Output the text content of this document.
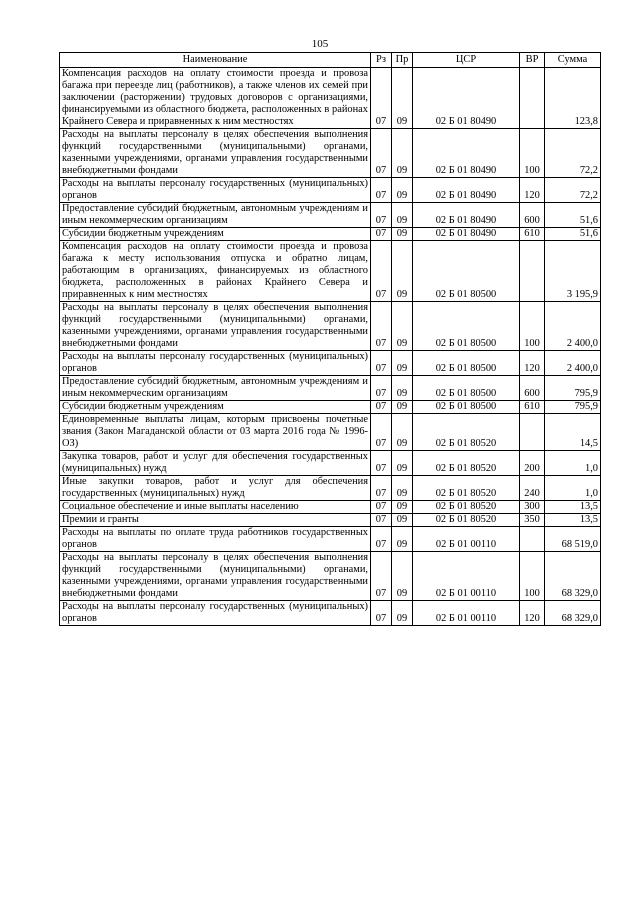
105
Наименование	Рз	Пр	ЦСР	ВР	Сумма
Компенсация расходов на оплату стоимости проезда и провоза багажа при переезде лиц (работников), а также членов их семей при заключении (расторжении) трудовых договоров с организациями, финансируемыми из областного бюджета, расположенных в районах Крайнего Севера и приравненных к ним местностях	07	09	02 Б 01 80490		123,8
Расходы на выплаты персоналу в целях обеспечения выполнения функций государственными (муниципальными) органами, казенными учреждениями, органами управления государственными внебюджетными фондами	07	09	02 Б 01 80490	100	72,2
Расходы на выплаты персоналу государственных (муниципальных) органов	07	09	02 Б 01 80490	120	72,2
Предоставление субсидий бюджетным, автономным учреждениям и иным некоммерческим организациям	07	09	02 Б 01 80490	600	51,6
Субсидии бюджетным учреждениям	07	09	02 Б 01 80490	610	51,6
Компенсация расходов на оплату стоимости проезда и провоза багажа к месту использования отпуска и обратно лицам, работающим в организациях, финансируемых из областного бюджета, расположенных в районах Крайнего Севера и приравненных к ним местностях	07	09	02 Б 01 80500		3 195,9
Расходы на выплаты персоналу в целях обеспечения выполнения функций государственными (муниципальными) органами, казенными учреждениями, органами управления государственными внебюджетными фондами	07	09	02 Б 01 80500	100	2 400,0
Расходы на выплаты персоналу государственных (муниципальных) органов	07	09	02 Б 01 80500	120	2 400,0
Предоставление субсидий бюджетным, автономным учреждениям и иным некоммерческим организациям	07	09	02 Б 01 80500	600	795,9
Субсидии бюджетным учреждениям	07	09	02 Б 01 80500	610	795,9
Единовременные выплаты лицам, которым присвоены почетные звания (Закон Магаданской области от 03 марта 2016 года № 1996-ОЗ)	07	09	02 Б 01 80520		14,5
Закупка товаров, работ и услуг для обеспечения государственных (муниципальных) нужд	07	09	02 Б 01 80520	200	1,0
Иные закупки товаров, работ и услуг для обеспечения государственных (муниципальных) нужд	07	09	02 Б 01 80520	240	1,0
Социальное обеспечение и иные выплаты населению	07	09	02 Б 01 80520	300	13,5
Премии и гранты	07	09	02 Б 01 80520	350	13,5
Расходы на выплаты по оплате труда работников государственных органов	07	09	02 Б 01 00110		68 519,0
Расходы на выплаты персоналу в целях обеспечения выполнения функций государственными (муниципальными) органами, казенными учреждениями, органами управления государственными внебюджетными фондами	07	09	02 Б 01 00110	100	68 329,0
Расходы на выплаты персоналу государственных (муниципальных) органов	07	09	02 Б 01 00110	120	68 329,0
